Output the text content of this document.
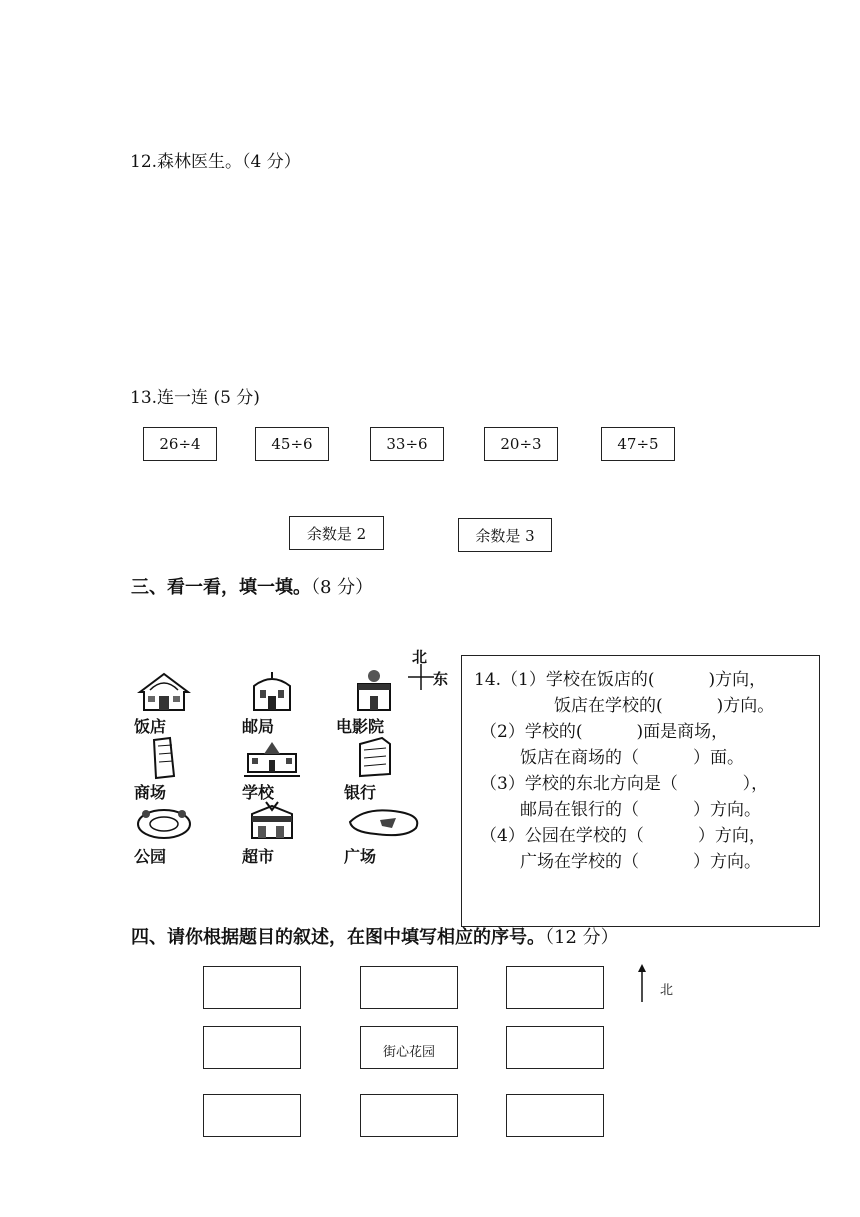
12.森林医生。（4 分）
13.连一连 (5 分)
26÷4	45÷6	33÷6	20÷3	47÷5
余数是 2	余数是 3
三、看一看，填一填。（8 分）
饭店	邮局	电影院
商场	学校	银行
公园	超市	广场
北
东 14.（1）学校在饭店的(          )方向，
饭店在学校的(          )方向。
（2）学校的(          )面是商场，
饭店在商场的（          ）面。
（3）学校的东北方向是（            ），
邮局在银行的（          ）方向。
（4）公园在学校的（          ）方向，
广场在学校的（          ）方向。
四、请你根据题目的叙述，在图中填写相应的序号。（12 分）
街心花园
北
